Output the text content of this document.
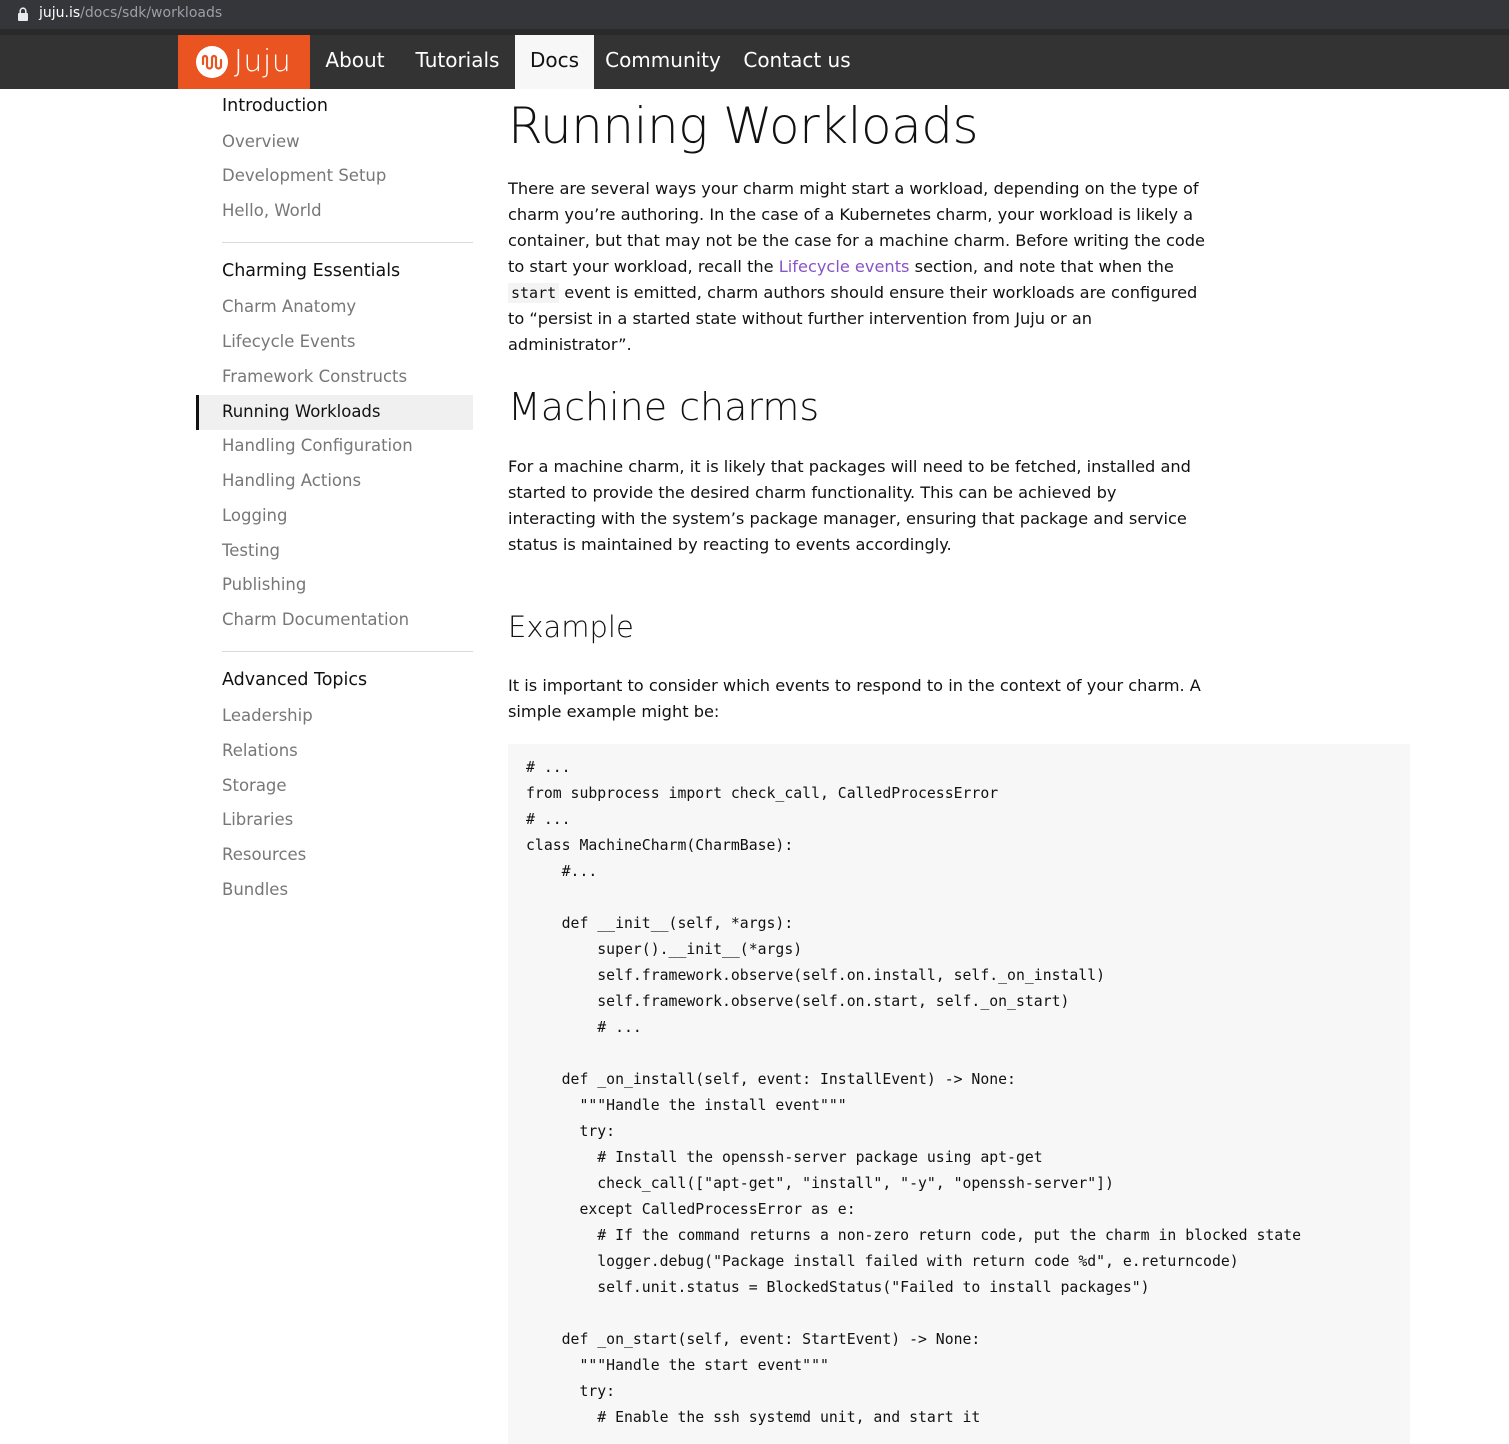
juju.is/docs/sdk/workloads
Juju	About	Tutorials	Docs	Community	Contact us
Introduction
Overview
Development Setup
Hello, World
Charming Essentials
Charm Anatomy
Lifecycle Events
Framework Constructs
Running Workloads
Handling Configuration
Handling Actions
Logging
Testing
Publishing
Charm Documentation
Advanced Topics
Leadership
Relations
Storage
Libraries
Resources
Bundles
Running Workloads

There are several ways your charm might start a workload, depending on the type of charm you’re authoring. In the case of a Kubernetes charm, your workload is likely a container, but that may not be the case for a machine charm. Before writing the code to start your workload, recall the Lifecycle events section, and note that when the start event is emitted, charm authors should ensure their workloads are configured to “persist in a started state without further intervention from Juju or an administrator”.

Machine charms

For a machine charm, it is likely that packages will need to be fetched, installed and started to provide the desired charm functionality. This can be achieved by interacting with the system’s package manager, ensuring that package and service status is maintained by reacting to events accordingly.

Example

It is important to consider which events to respond to in the context of your charm. A simple example might be:

# ...
from subprocess import check_call, CalledProcessError
# ...
class MachineCharm(CharmBase):
#...

def __init__(self, *args):
super().__init__(*args)
self.framework.observe(self.on.install, self._on_install)
self.framework.observe(self.on.start, self._on_start)
# ...

def _on_install(self, event: InstallEvent) -> None:
"""Handle the install event"""
try:
# Install the openssh-server package using apt-get
check_call(["apt-get", "install", "-y", "openssh-server"])
except CalledProcessError as e:
# If the command returns a non-zero return code, put the charm in blocked state
logger.debug("Package install failed with return code %d", e.returncode)
self.unit.status = BlockedStatus("Failed to install packages")

def _on_start(self, event: StartEvent) -> None:
"""Handle the start event"""
try:
# Enable the ssh systemd unit, and start it
